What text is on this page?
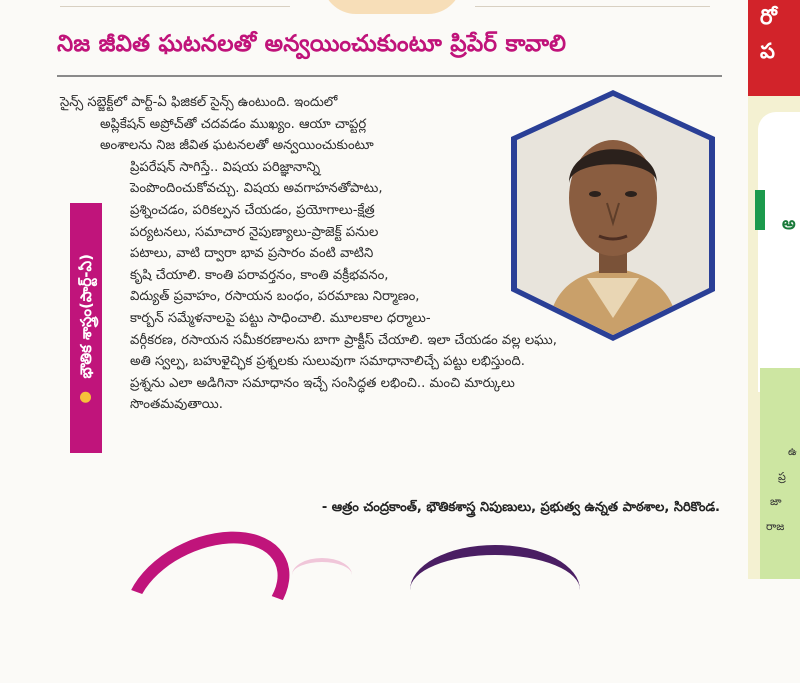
నిజ జీవిత ఘటనలతో అన్వయించుకుంటూ ప్రిపేర్‌ కావాలి
భౌతిక శాస్త్రం(పార్ట్‌-ఏ)
సైన్స్‌ సబ్జెక్ట్‌లో పార్ట్‌-ఏ ఫిజికల్‌ సైన్స్‌ ఉంటుంది. ఇందులో
అప్లికేషన్‌ అప్రోచ్‌తో చదవడం ముఖ్యం. ఆయా చాప్టర్ల
అంశాలను నిజ జీవిత ఘటనలతో అన్వయించుకుంటూ
ప్రిపరేషన్‌ సాగిస్తే.. విషయ పరిజ్ఞానాన్ని
పెంపొందించుకోవచ్చు. విషయ అవగాహనతోపాటు,
ప్రశ్నించడం, పరికల్పన చేయడం, ప్రయోగాలు-క్షేత్ర
పర్యటనలు, సమాచార నైపుణ్యాలు-ప్రాజెక్ట్‌ పనుల
పటాలు, వాటి ద్వారా భావ ప్రసారం వంటి వాటిని
కృషి చేయాలి. కాంతి పరావర్తనం, కాంతి వక్రీభవనం,
విద్యుత్‌ ప్రవాహం, రసాయన బంధం, పరమాణు నిర్మాణం,
కార్బన్‌ సమ్మేళనాలపై పట్టు సాధించాలి. మూలకాల ధర్మాలు-
వర్గీకరణ, రసాయన సమీకరణాలను బాగా ప్రాక్టీస్‌ చేయాలి. ఇలా చేయడం వల్ల లఘు,
అతి స్వల్ప, బహుళైచ్ఛిక ప్రశ్నలకు సులువుగా సమాధానాలిచ్చే పట్టు లభిస్తుంది.
ప్రశ్నను ఎలా అడిగినా సమాధానం ఇచ్చే సంసిద్ధత లభించి.. మంచి మార్కులు
సొంతమవుతాయి.
- ఆత్రం చంద్రకాంత్‌, భౌతికశాస్త్ర నిపుణులు, ప్రభుత్వ ఉన్నత పాఠశాల, సిరికొండ.
రో
ప
అ
ఉ
ప్ర
జా
రాజ
